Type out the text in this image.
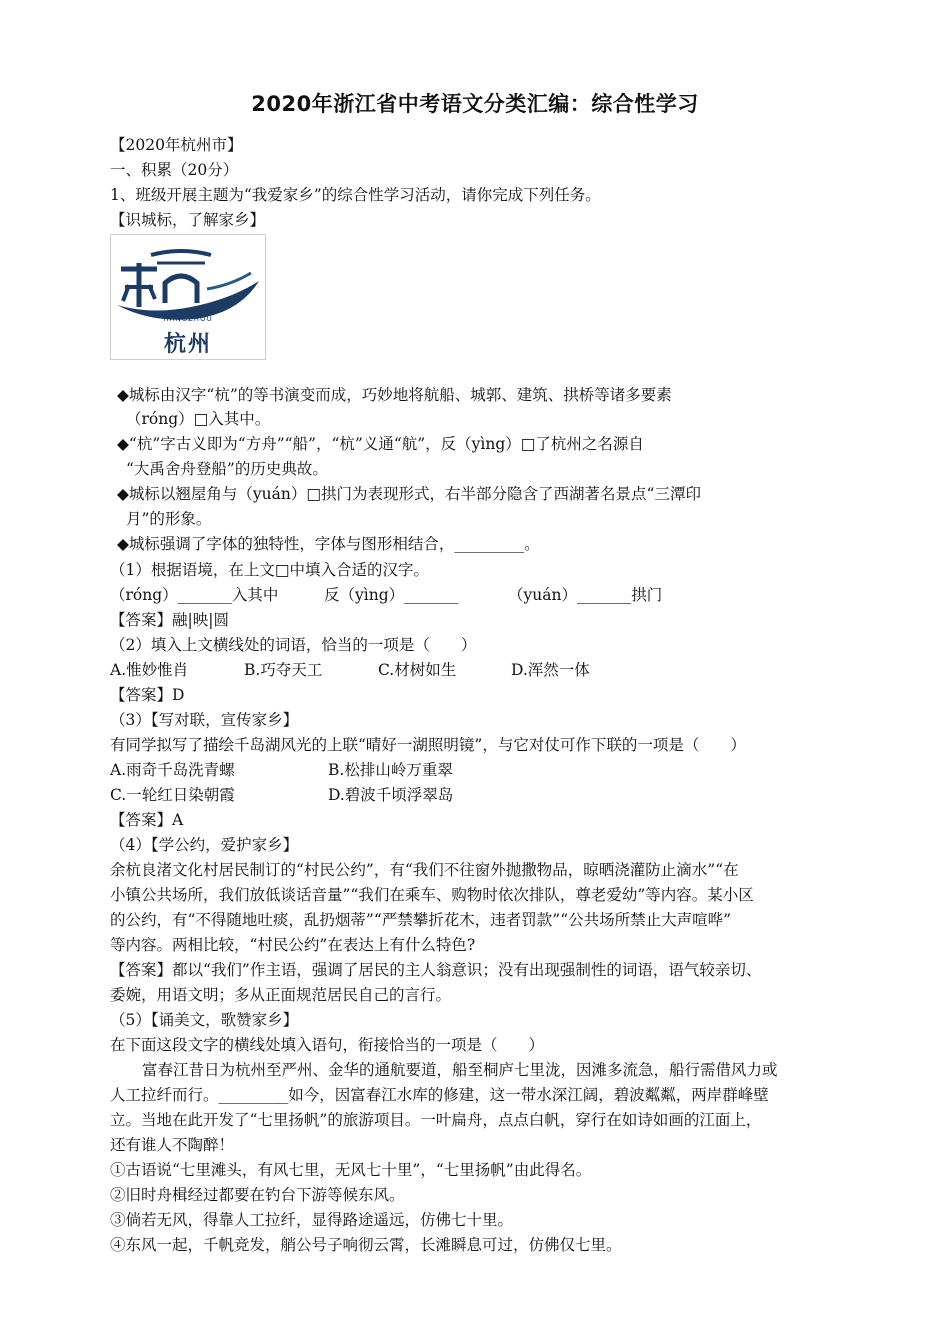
2020年浙江省中考语文分类汇编：综合性学习
【2020年杭州市】
一、积累（20分）
1、班级开展主题为“我爱家乡”的综合性学习活动，请你完成下列任务。
【识城标，了解家乡】
HANGZHOU
杭州
◆城标由汉字“杭”的等书演变而成，巧妙地将航船、城郭、建筑、拱桥等诸多要素
（róng）□入其中。
◆“杭”字古义即为“方舟”“船”，“杭”义通“航”，反（yìng）□了杭州之名源自
“大禹舍舟登船”的历史典故。
◆城标以翘屋角与（yuán）□拱门为表现形式，右半部分隐含了西湖著名景点“三潭印
月”的形象。
◆城标强调了字体的独特性，字体与图形相结合，_________。
（1）根据语境，在上文□中填入合适的汉字。
（róng）_______入其中	反（yìng）_______	（yuán）_______拱门
【答案】融|映|圆
（2）填入上文横线处的词语，恰当的一项是（　　）
A.惟妙惟肖	B.巧夺天工	C.材树如生	D.浑然一体
【答案】D
（3）【写对联，宣传家乡】
有同学拟写了描绘千岛湖风光的上联“晴好一湖照明镜”，与它对仗可作下联的一项是（　　）
A.雨奇千岛洗青螺	B.松排山岭万重翠
C.一轮红日染朝霞	D.碧波千顷浮翠岛
【答案】A
（4）【学公约，爱护家乡】
余杭良渚文化村居民制订的“村民公约”，有“我们不往窗外抛撒物品，晾晒浇灌防止滴水”“在
小镇公共场所，我们放低谈话音量”“我们在乘车、购物时依次排队，尊老爱幼”等内容。某小区
的公约，有“不得随地吐痰，乱扔烟蒂”“严禁攀折花木，违者罚款”“公共场所禁止大声喧哗”
等内容。两相比较，“村民公约”在表达上有什么特色?
【答案】都以“我们”作主语，强调了居民的主人翁意识；没有出现强制性的词语，语气较亲切、
委婉，用语文明；多从正面规范居民自己的言行。
（5）【诵美文，歌赞家乡】
在下面这段文字的横线处填入语句，衔接恰当的一项是（　　）
富春江昔日为杭州至严州、金华的通航要道，船至桐庐七里泷，因滩多流急，船行需借风力或
人工拉纤而行。_________如今，因富春江水库的修建，这一带水深江阔，碧波粼粼，两岸群峰壁
立。当地在此开发了“七里扬帆”的旅游项目。一叶扁舟，点点白帆，穿行在如诗如画的江面上，
还有谁人不陶醉！
①古语说“七里滩头，有风七里，无风七十里”，“七里扬帆”由此得名。
②旧时舟楫经过都要在钓台下游等候东风。
③倘若无风，得靠人工拉纤，显得路途遥远，仿佛七十里。
④东风一起，千帆竞发，艄公号子响彻云霄，长滩瞬息可过，仿佛仅七里。
